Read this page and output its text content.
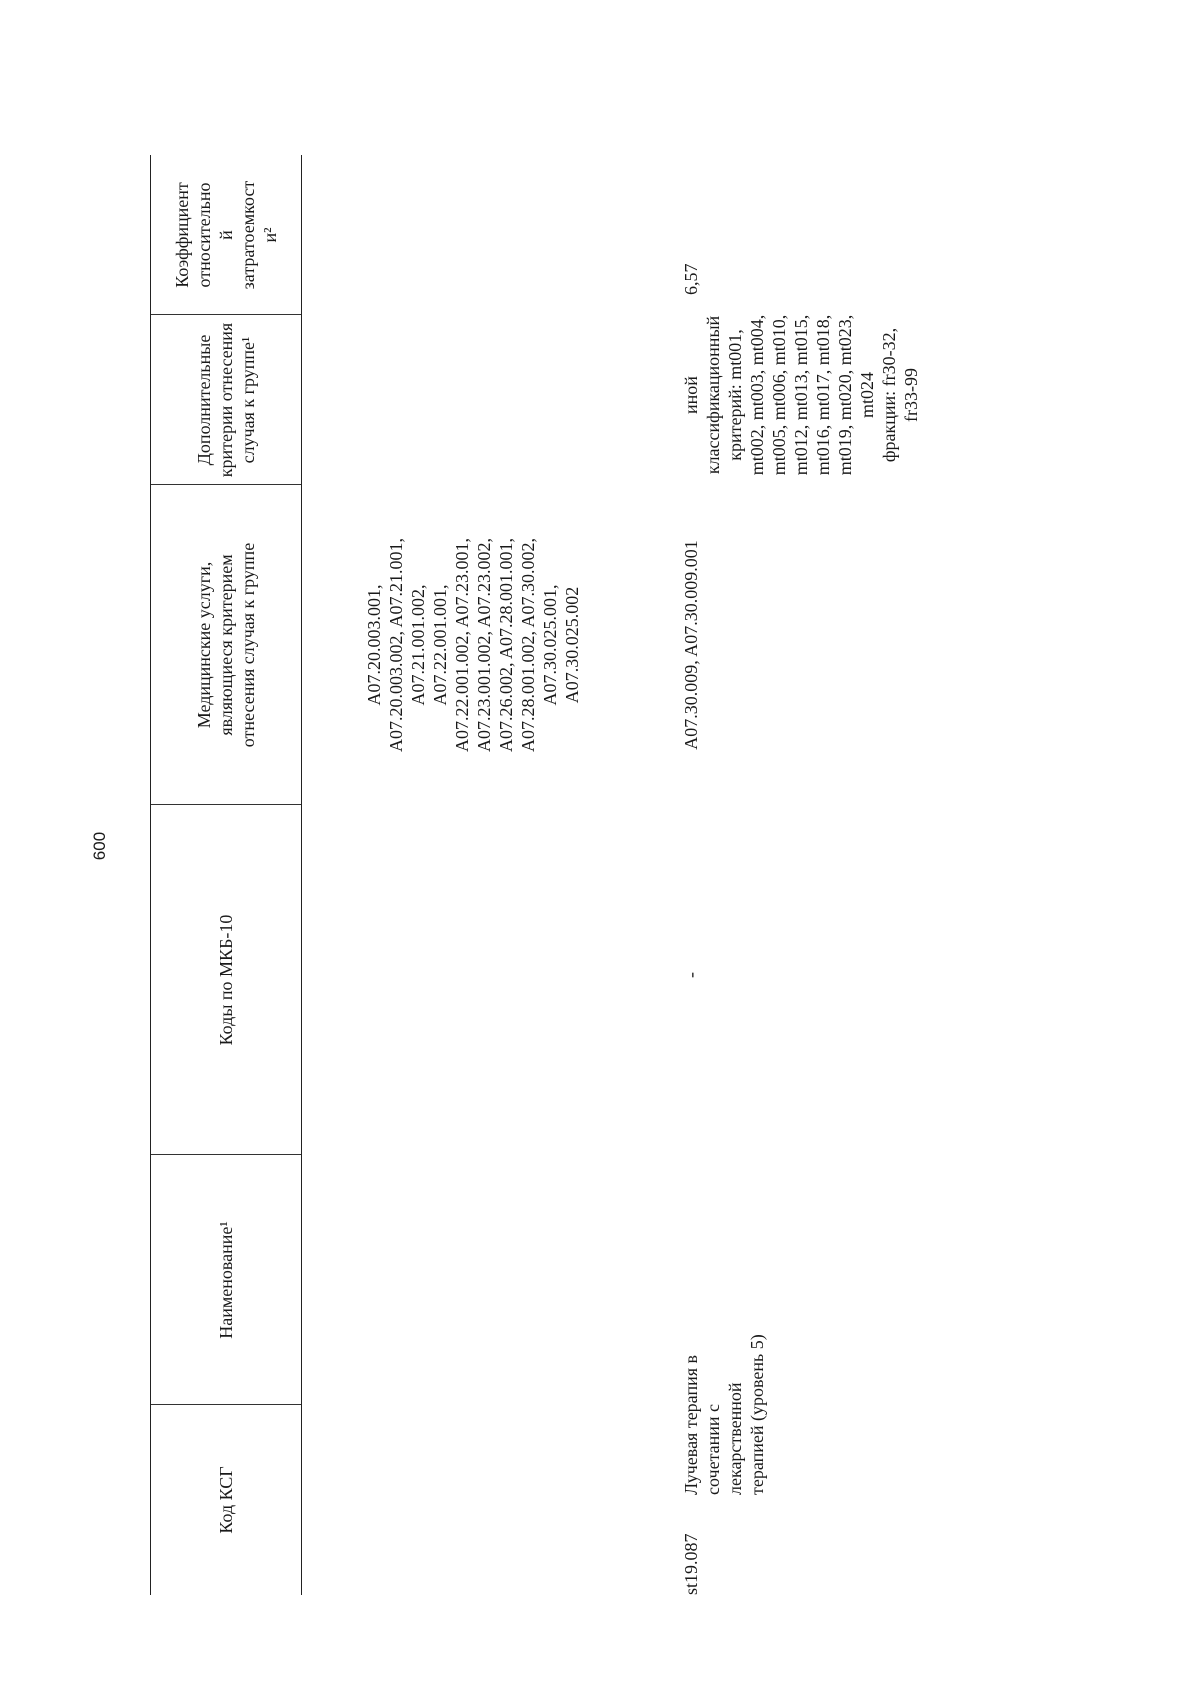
600
Код КСГ
Наименование¹
Коды по МКБ-10
Медицинские услуги, являющиеся критерием отнесения случая к группе
Дополнительные критерии отнесения случая к группе¹
Коэффициент относительно й затратоемкост и²
A07.20.003.001, A07.20.003.002, A07.21.001, A07.21.001.002, A07.22.001.001, A07.22.001.002, A07.23.001, A07.23.001.002, A07.23.002, A07.26.002, A07.28.001.001, A07.28.001.002, A07.30.002, A07.30.025.001, A07.30.025.002
st19.087
Лучевая терапия в сочетании с лекарственной терапией (уровень 5)
-
A07.30.009, A07.30.009.001
иной классификационный критерий: mt001, mt002, mt003, mt004, mt005, mt006, mt010, mt012, mt013, mt015, mt016, mt017, mt018, mt019, mt020, mt023, mt024 фракции: fr30-32, fr33-99
6,57
